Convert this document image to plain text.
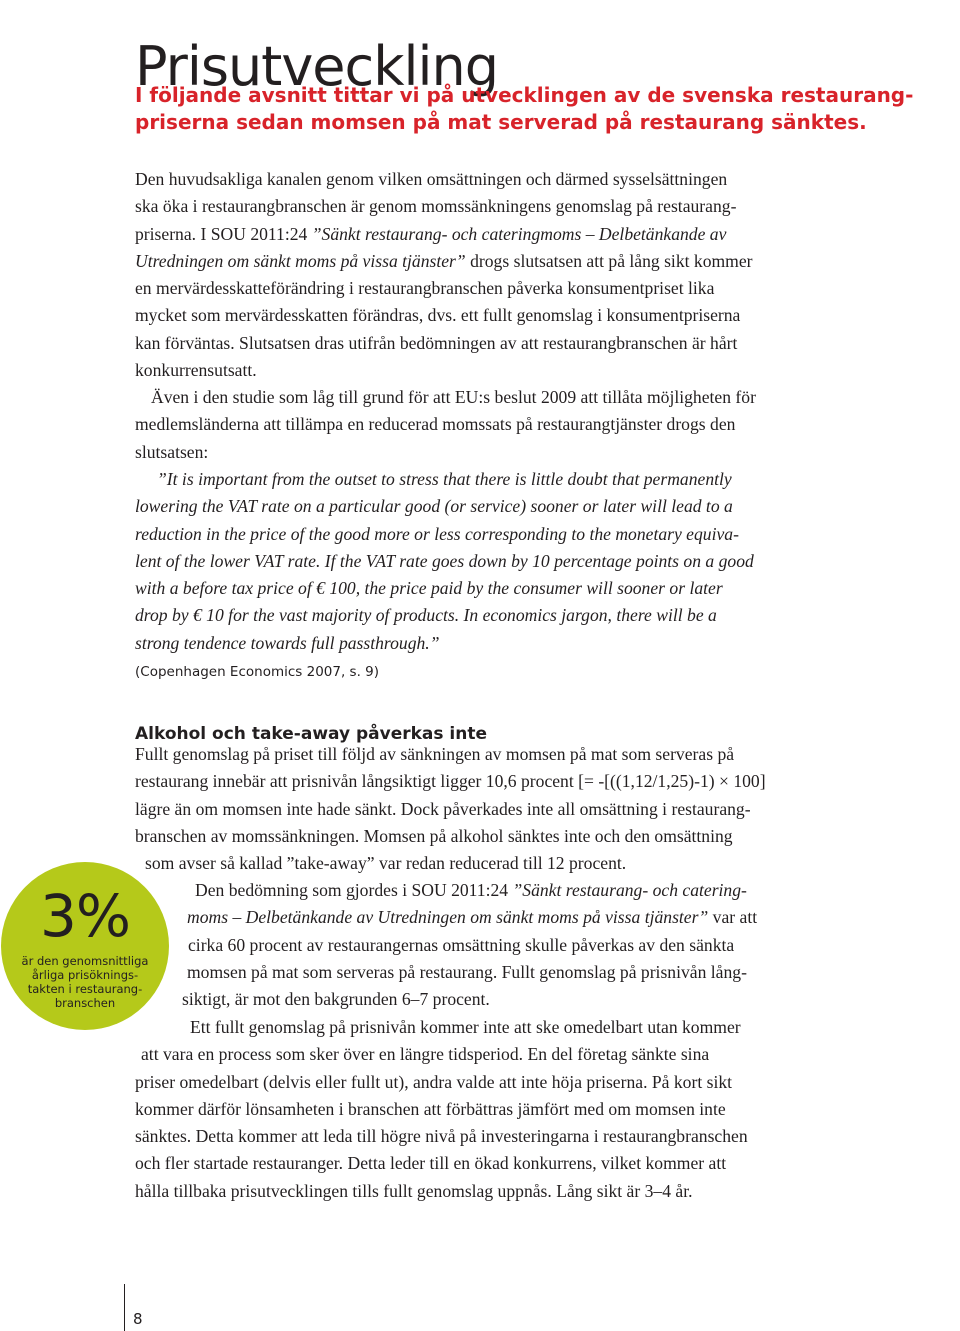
Prisutveckling

I följande avsnitt tittar vi på utvecklingen av de svenska restaurang-
priserna sedan momsen på mat serverad på restaurang sänktes.

Den huvudsakliga kanalen genom vilken omsättningen och därmed sysselsättningen
ska öka i restaurangbranschen är genom momssänkningens genomslag på restaurang-
priserna. I SOU 2011:24 ”Sänkt restaurang- och cateringmoms – Delbetänkande av
Utredningen om sänkt moms på vissa tjänster” drogs slutsatsen att på lång sikt kommer
en mervärdesskatteförändring i restaurangbranschen påverka konsumentpriset lika
mycket som mervärdesskatten förändras, dvs. ett fullt genomslag i konsumentpriserna
kan förväntas. Slutsatsen dras utifrån bedömningen av att restaurangbranschen är hårt
konkurrensutsatt.

Även i den studie som låg till grund för att EU:s beslut 2009 att tillåta möjligheten för
medlemsländerna att tillämpa en reducerad momssats på restaurangtjänster drogs den
slutsatsen:

”It is important from the outset to stress that there is little doubt that permanently
lowering the VAT rate on a particular good (or service) sooner or later will lead to a
reduction in the price of the good more or less corresponding to the monetary equiva-
lent of the lower VAT rate. If the VAT rate goes down by 10 percentage points on a good
with a before tax price of € 100, the price paid by the consumer will sooner or later
drop by € 10 for the vast majority of products. In economics jargon, there will be a
strong tendence towards full passthrough.”

(Copenhagen Economics 2007, s. 9)
Alkohol och take-away påverkas inte

Fullt genomslag på priset till följd av sänkningen av momsen på mat som serveras på
restaurang innebär att prisnivån långsiktigt ligger 10,6 procent [= -[((1,12/1,25)-1) × 100]
lägre än om momsen inte hade sänkt. Dock påverkades inte all omsättning i restaurang-
branschen av momssänkningen. Momsen på alkohol sänktes inte och den omsättning
som avser så kallad ”take-away” var redan reducerad till 12 procent.

Den bedömning som gjordes i SOU 2011:24 ”Sänkt restaurang- och catering-
moms – Delbetänkande av Utredningen om sänkt moms på vissa tjänster” var att
cirka 60 procent av restaurangernas omsättning skulle påverkas av den sänkta
momsen på mat som serveras på restaurang. Fullt genomslag på prisnivån lång-
siktigt, är mot den bakgrunden 6–7 procent.

Ett fullt genomslag på prisnivån kommer inte att ske omedelbart utan kommer
att vara en process som sker över en längre tidsperiod. En del företag sänkte sina
priser omedelbart (delvis eller fullt ut), andra valde att inte höja priserna. På kort sikt
kommer därför lönsamheten i branschen att förbättras jämfört med om momsen inte
sänktes. Detta kommer att leda till högre nivå på investeringarna i restaurangbranschen
och fler startade restauranger. Detta leder till en ökad konkurrens, vilket kommer att
hålla tillbaka prisutvecklingen tills fullt genomslag uppnås. Lång sikt är 3–4 år.

3%
är den genomsnittliga
årliga prisöknings-
takten i restaurang-
branschen
8
